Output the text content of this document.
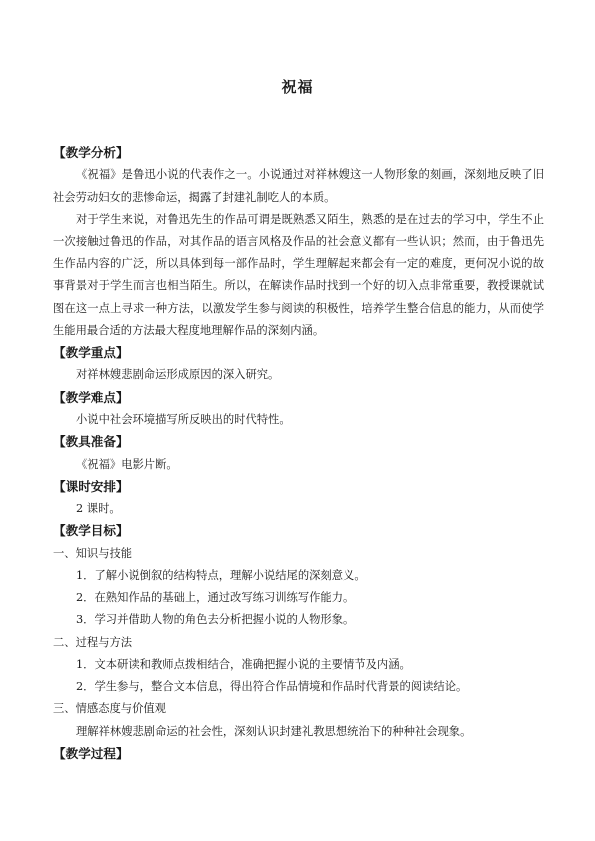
祝福
【教学分析】
《祝福》是鲁迅小说的代表作之一。小说通过对祥林嫂这一人物形象的刻画，深刻地反映了旧社会劳动妇女的悲惨命运，揭露了封建礼制吃人的本质。
对于学生来说，对鲁迅先生的作品可谓是既熟悉又陌生，熟悉的是在过去的学习中，学生不止一次接触过鲁迅的作品，对其作品的语言风格及作品的社会意义都有一些认识；然而，由于鲁迅先生作品内容的广泛，所以具体到每一部作品时，学生理解起来都会有一定的难度，更何况小说的故事背景对于学生而言也相当陌生。所以，在解读作品时找到一个好的切入点非常重要，教授课就试图在这一点上寻求一种方法，以激发学生参与阅读的积极性，培养学生整合信息的能力，从而使学生能用最合适的方法最大程度地理解作品的深刻内涵。
【教学重点】
对祥林嫂悲剧命运形成原因的深入研究。
【教学难点】
小说中社会环境描写所反映出的时代特性。
【教具准备】
《祝福》电影片断。
【课时安排】
2 课时。
【教学目标】
一、知识与技能
1．了解小说倒叙的结构特点，理解小说结尾的深刻意义。
2．在熟知作品的基础上，通过改写练习训练写作能力。
3．学习并借助人物的角色去分析把握小说的人物形象。
二、过程与方法
1．文本研读和教师点拨相结合，准确把握小说的主要情节及内涵。
2．学生参与，整合文本信息，得出符合作品情境和作品时代背景的阅读结论。
三、情感态度与价值观
理解祥林嫂悲剧命运的社会性，深刻认识封建礼教思想统治下的种种社会现象。
【教学过程】
